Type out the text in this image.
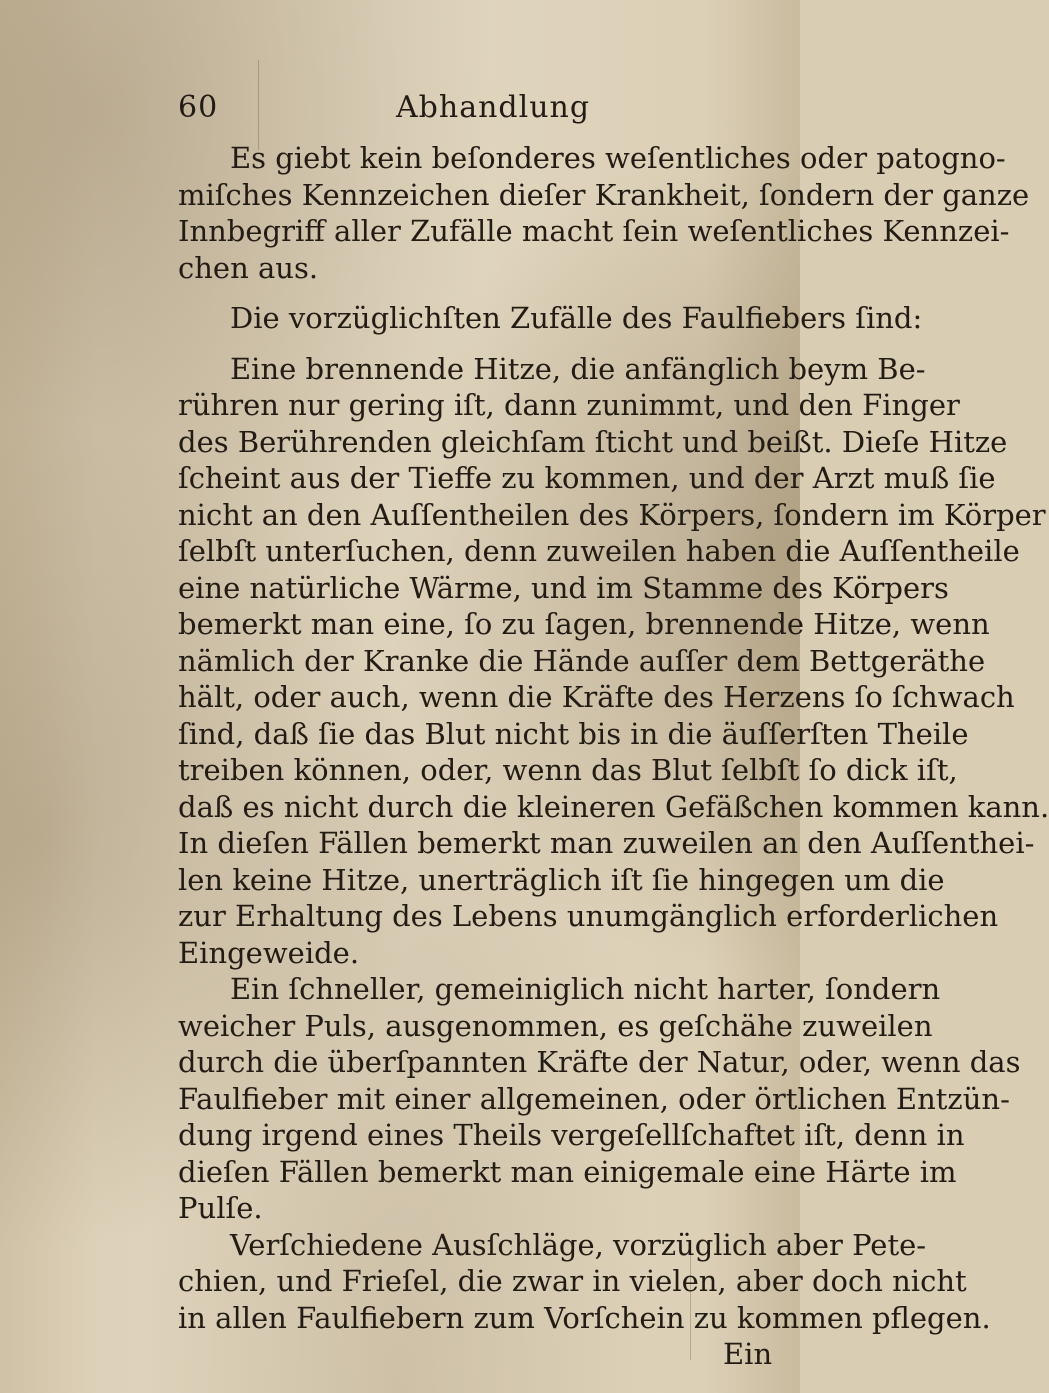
60	Abhandlung
Es giebt kein beſonderes weſentliches oder patogno-
miſches Kennzeichen dieſer Krankheit, ſondern der ganze
Innbegriff aller Zufälle macht ſein weſentliches Kennzei-
chen aus.
Die vorzüglichſten Zufälle des Faulfiebers ſind:
Eine brennende Hitze, die anfänglich beym Be-
rühren nur gering iſt, dann zunimmt, und den Finger
des Berührenden gleichſam ſticht und beißt. Dieſe Hitze
ſcheint aus der Tieffe zu kommen, und der Arzt muß ſie
nicht an den Auſſentheilen des Körpers, ſondern im Körper
ſelbſt unterſuchen, denn zuweilen haben die Auſſentheile
eine natürliche Wärme, und im Stamme des Körpers
bemerkt man eine, ſo zu ſagen, brennende Hitze, wenn
nämlich der Kranke die Hände auſſer dem Bettgeräthe
hält, oder auch, wenn die Kräfte des Herzens ſo ſchwach
ſind, daß ſie das Blut nicht bis in die äuſſerſten Theile
treiben können, oder, wenn das Blut ſelbſt ſo dick iſt,
daß es nicht durch die kleineren Gefäßchen kommen kann.
In dieſen Fällen bemerkt man zuweilen an den Auſſenthei-
len keine Hitze, unerträglich iſt ſie hingegen um die
zur Erhaltung des Lebens unumgänglich erforderlichen
Eingeweide.
Ein ſchneller, gemeiniglich nicht harter, ſondern
weicher Puls, ausgenommen, es geſchähe zuweilen
durch die überſpannten Kräfte der Natur, oder, wenn das
Faulfieber mit einer allgemeinen, oder örtlichen Entzün-
dung irgend eines Theils vergeſellſchaftet iſt, denn in
dieſen Fällen bemerkt man einigemale eine Härte im
Pulſe.
Verſchiedene Ausſchläge, vorzüglich aber Pete-
chien, und Frieſel, die zwar in vielen, aber doch nicht
in allen Faulfiebern zum Vorſchein zu kommen pflegen.
Ein
